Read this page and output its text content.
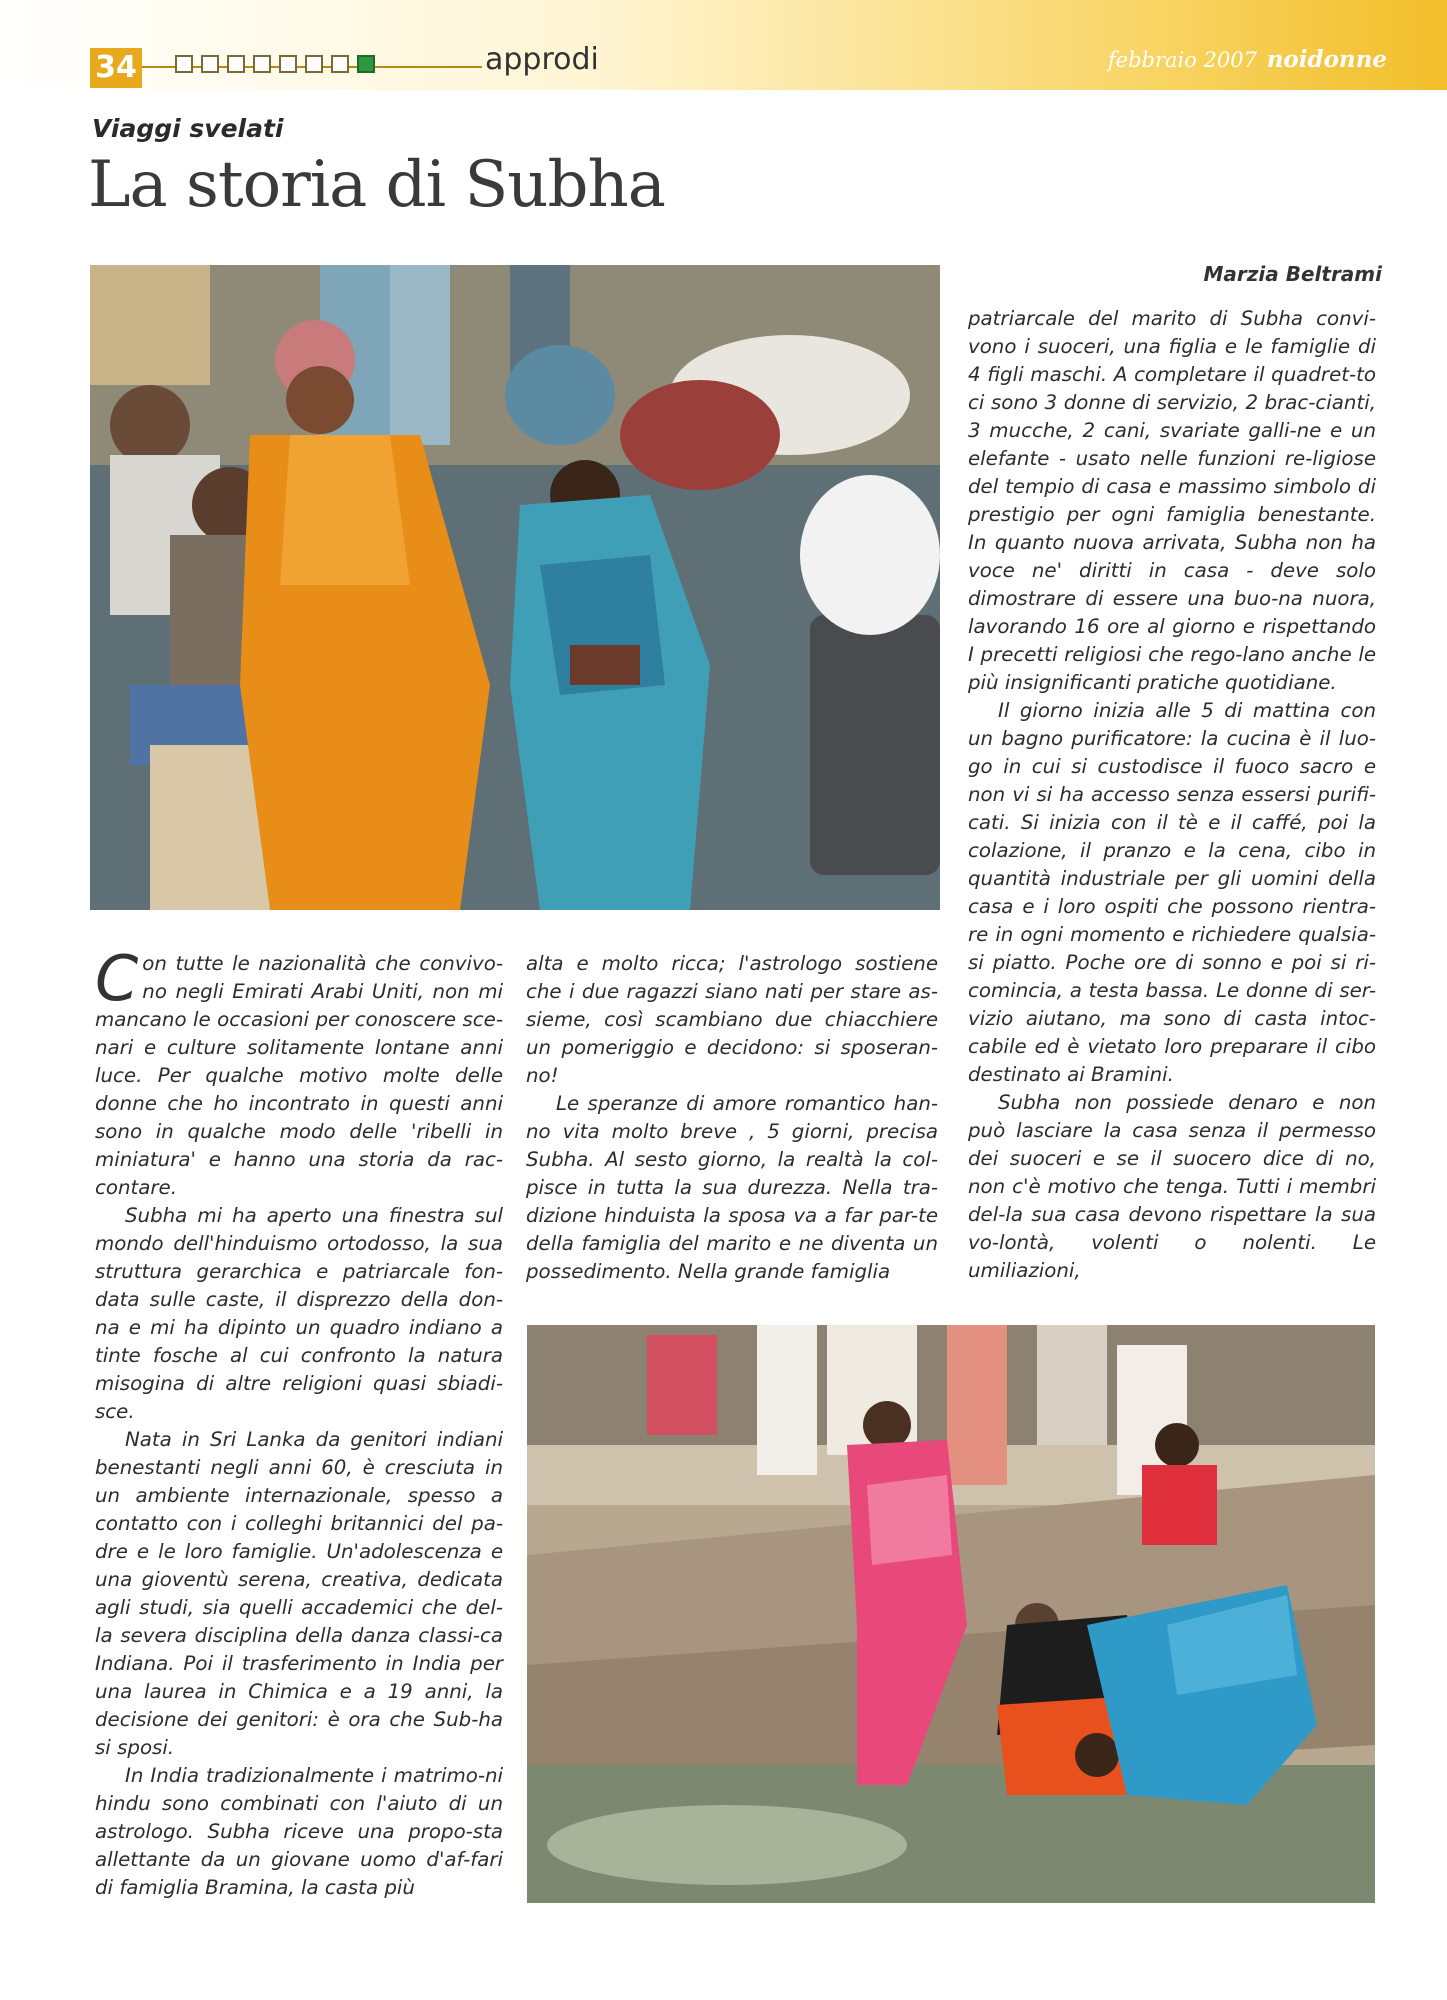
34	approdi	febbraio 2007 noidonne
Viaggi svelati
La storia di Subha
Marzia Beltrami

Con tutte le nazionalità che convivo-no negli Emirati Arabi Uniti, non mi mancano le occasioni per conoscere sce-nari e culture solitamente lontane anni luce. Per qualche motivo molte delle donne che ho incontrato in questi anni sono in qualche modo delle 'ribelli in miniatura' e hanno una storia da rac-contare.

Subha mi ha aperto una finestra sul mondo dell'hinduismo ortodosso, la sua struttura gerarchica e patriarcale fon-data sulle caste, il disprezzo della don-na e mi ha dipinto un quadro indiano a tinte fosche al cui confronto la natura misogina di altre religioni quasi sbiadi-sce.

Nata in Sri Lanka da genitori indiani benestanti negli anni 60, è cresciuta in un ambiente internazionale, spesso a contatto con i colleghi britannici del pa-dre e le loro famiglie. Un'adolescenza e una gioventù serena, creativa, dedicata agli studi, sia quelli accademici che del-la severa disciplina della danza classi-ca Indiana. Poi il trasferimento in India per una laurea in Chimica e a 19 anni, la decisione dei genitori: è ora che Sub-ha si sposi.

In India tradizionalmente i matrimo-ni hindu sono combinati con l'aiuto di un astrologo. Subha riceve una propo-sta allettante da un giovane uomo d'af-fari di famiglia Bramina, la casta più

alta e molto ricca; l'astrologo sostiene che i due ragazzi siano nati per stare as-sieme, così scambiano due chiacchiere un pomeriggio e decidono: si sposeran-no!

Le speranze di amore romantico han-no vita molto breve , 5 giorni, precisa Subha. Al sesto giorno, la realtà la col-pisce in tutta la sua durezza. Nella tra-dizione hinduista la sposa va a far par-te della famiglia del marito e ne diventa un possedimento. Nella grande famiglia

patriarcale del marito di Subha convi-vono i suoceri, una figlia e le famiglie di 4 figli maschi. A completare il quadret-to ci sono 3 donne di servizio, 2 brac-cianti, 3 mucche, 2 cani, svariate galli-ne e un elefante - usato nelle funzioni re-ligiose del tempio di casa e massimo simbolo di prestigio per ogni famiglia benestante. In quanto nuova arrivata, Subha non ha voce ne' diritti in casa - deve solo dimostrare di essere una buo-na nuora, lavorando 16 ore al giorno e rispettando I precetti religiosi che rego-lano anche le più insignificanti pratiche quotidiane.

Il giorno inizia alle 5 di mattina con un bagno purificatore: la cucina è il luo-go in cui si custodisce il fuoco sacro e non vi si ha accesso senza essersi purifi-cati. Si inizia con il tè e il caffé, poi la colazione, il pranzo e la cena, cibo in quantità industriale per gli uomini della casa e i loro ospiti che possono rientra-re in ogni momento e richiedere qualsia-si piatto. Poche ore di sonno e poi si ri-comincia, a testa bassa. Le donne di ser-vizio aiutano, ma sono di casta intoc-cabile ed è vietato loro preparare il cibo destinato ai Bramini.

Subha non possiede denaro e non può lasciare la casa senza il permesso dei suoceri e se il suocero dice di no, non c'è motivo che tenga. Tutti i membri del-la sua casa devono rispettare la sua vo-lontà, volenti o nolenti. Le umiliazioni,
